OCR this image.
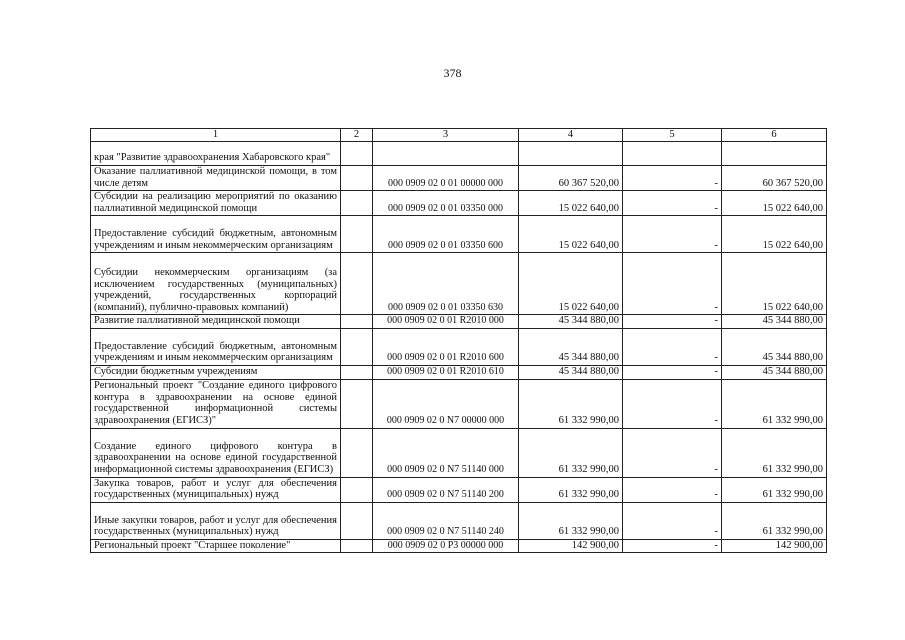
378
1	2	3	4	5	6
края "Развитие здравоохранения Хабаровского края"					
Оказание паллиативной медицинской помощи, в том числе детям		000 0909 02 0 01 00000 000	60 367 520,00	-	60 367 520,00
Субсидии на реализацию мероприятий по оказанию паллиативной медицинской помощи		000 0909 02 0 01 03350 000	15 022 640,00	-	15 022 640,00
Предоставление субсидий бюджетным, автономным учреждениям и иным некоммерческим организациям		000 0909 02 0 01 03350 600	15 022 640,00	-	15 022 640,00
Субсидии некоммерческим организациям (за исключением государственных (муниципальных) учреждений, государственных корпораций (компаний), публично-правовых компаний)		000 0909 02 0 01 03350 630	15 022 640,00	-	15 022 640,00
Развитие паллиативной медицинской помощи		000 0909 02 0 01 R2010 000	45 344 880,00	-	45 344 880,00
Предоставление субсидий бюджетным, автономным учреждениям и иным некоммерческим организациям		000 0909 02 0 01 R2010 600	45 344 880,00	-	45 344 880,00
Субсидии бюджетным учреждениям		000 0909 02 0 01 R2010 610	45 344 880,00	-	45 344 880,00
Региональный проект "Создание единого цифрового контура в здравоохранении на основе единой государственной информационной системы здравоохранения (ЕГИСЗ)"		000 0909 02 0 N7 00000 000	61 332 990,00	-	61 332 990,00
Создание единого цифрового контура в здравоохранении на основе единой государственной информационной системы здравоохранения (ЕГИСЗ)		000 0909 02 0 N7 51140 000	61 332 990,00	-	61 332 990,00
Закупка товаров, работ и услуг для обеспечения государственных (муниципальных) нужд		000 0909 02 0 N7 51140 200	61 332 990,00	-	61 332 990,00
Иные закупки товаров, работ и услуг для обеспечения государственных (муниципальных) нужд		000 0909 02 0 N7 51140 240	61 332 990,00	-	61 332 990,00
Региональный проект "Старшее поколение"		000 0909 02 0 P3 00000 000	142 900,00	-	142 900,00
